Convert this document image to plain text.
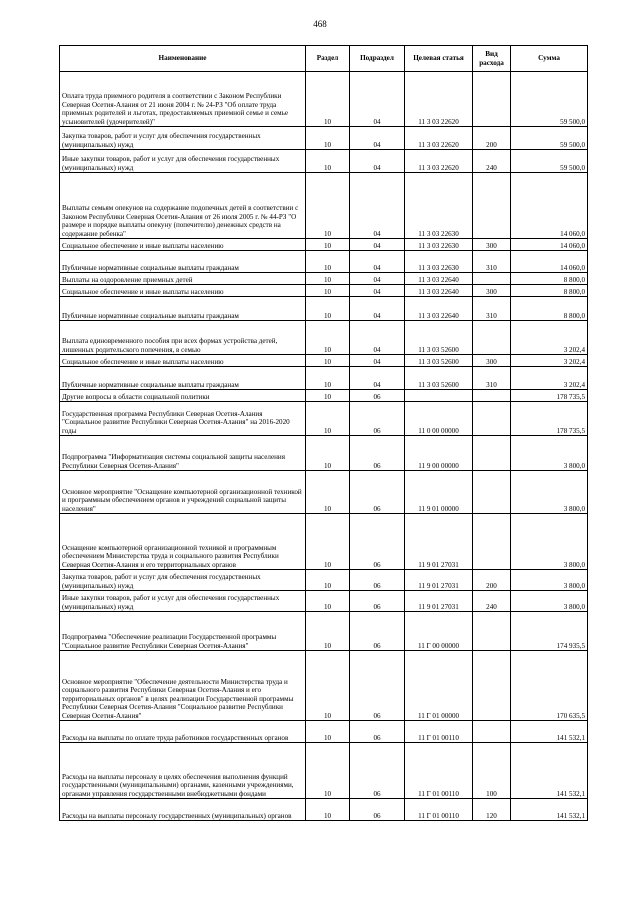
468
Наименование	Раздел	Подраздел	Целевая статья	Вид расхода	Сумма
Оплата труда приемного родителя в соответствии с Законом Республики Северная Осетия-Алания от 21 июня 2004 г. № 24-РЗ "Об оплате труда приемных родителей и льготах, предоставляемых приемной семье и семье усыновителей (удочерителей)"	10	04	11 3 03 22620		59 500,0
Закупка товаров, работ и услуг для обеспечения государственных (муниципальных) нужд	10	04	11 3 03 22620	200	59 500,0
Иные закупки товаров, работ и услуг для обеспечения государственных (муниципальных) нужд	10	04	11 3 03 22620	240	59 500,0
Выплаты семьям опекунов на содержание подопечных детей в соответствии с Законом Республики Северная Осетия-Алания от 26 июля 2005 г. № 44-РЗ "О размере и порядке выплаты опекуну (попечителю) денежных средств на содержание ребенка"	10	04	11 3 03 22630		14 060,0
Социальное обеспечение и иные выплаты населению	10	04	11 3 03 22630	300	14 060,0
Публичные нормативные социальные выплаты гражданам	10	04	11 3 03 22630	310	14 060,0
Выплаты на оздоровление приемных детей	10	04	11 3 03 22640		8 800,0
Социальное обеспечение и иные выплаты населению	10	04	11 3 03 22640	300	8 800,0
Публичные нормативные социальные выплаты гражданам	10	04	11 3 03 22640	310	8 800,0
Выплата единовременного пособия при всех формах устройства детей, лишенных родительского попечения, в семью	10	04	11 3 03 52600		3 202,4
Социальное обеспечение и иные выплаты населению	10	04	11 3 03 52600	300	3 202,4
Публичные нормативные социальные выплаты гражданам	10	04	11 3 03 52600	310	3 202,4
Другие вопросы в области социальной политики	10	06			178 735,5
Государственная программа Республики Северная Осетия-Алания "Социальное развитие Республики Северная Осетия-Алания" на 2016-2020 годы	10	06	11 0 00 00000		178 735,5
Подпрограмма "Информатизация системы социальной защиты населения Республики Северная Осетия-Алания"	10	06	11 9 00 00000		3 800,0
Основное мероприятие "Оснащение компьютерной организационной техникой и программным обеспечением органов и учреждений социальной защиты населения"	10	06	11 9 01 00000		3 800,0
Оснащение компьютерной организационной техникой и программным обеспечением Министерства труда и социального развития Республики Северная Осетия-Алания и его территориальных органов	10	06	11 9 01 27031		3 800,0
Закупка товаров, работ и услуг для обеспечения государственных (муниципальных) нужд	10	06	11 9 01 27031	200	3 800,0
Иные закупки товаров, работ и услуг для обеспечения государственных (муниципальных) нужд	10	06	11 9 01 27031	240	3 800,0
Подпрограмма "Обеспечение реализации Государственной программы "Социальное развитие Республики Северная Осетия-Алания"	10	06	11 Г 00 00000		174 935,5
Основное мероприятие "Обеспечение деятельности Министерства труда и социального развития Республики Северная Осетия-Алания и его территориальных органов" в целях реализации Государственной программы Республики Северная Осетия-Алания "Социальное развитие Республики Северная Осетия-Алания"	10	06	11 Г 01 00000		170 635,5
Расходы на выплаты по оплате труда работников государственных органов	10	06	11 Г 01 00110		141 532,1
Расходы на выплаты персоналу в целях обеспечения выполнения функций государственными (муниципальными) органами, казенными учреждениями, органами управления государственными внебюджетными фондами	10	06	11 Г 01 00110	100	141 532,1
Расходы на выплаты персоналу государственных (муниципальных) органов	10	06	11 Г 01 00110	120	141 532,1
